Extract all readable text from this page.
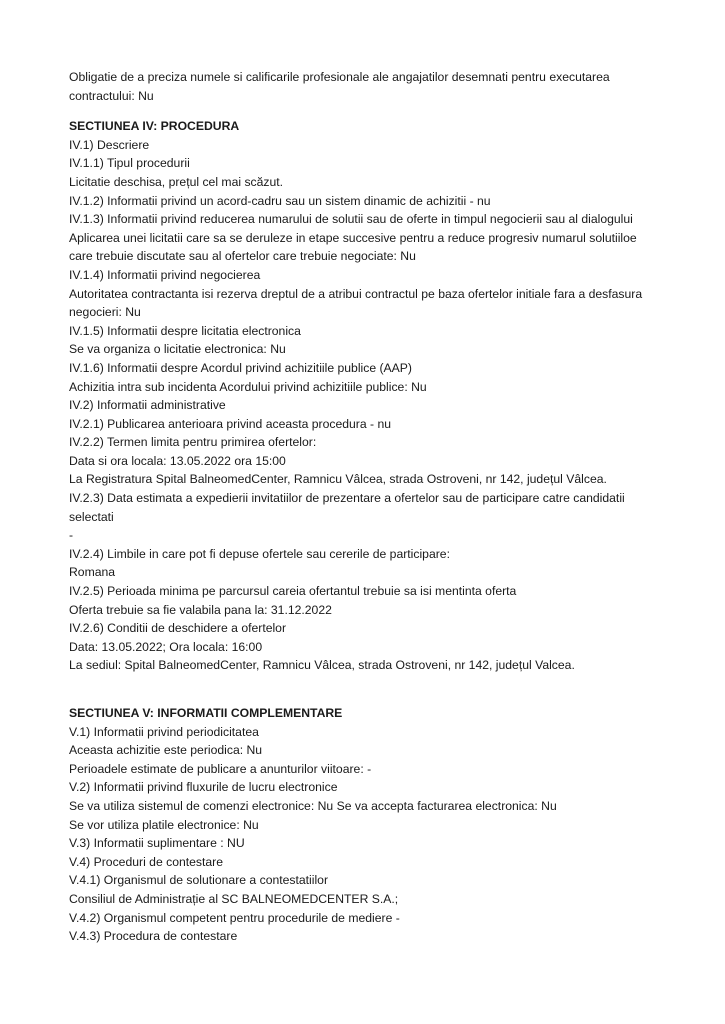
Obligatie de a preciza numele si calificarile profesionale ale angajatilor desemnati pentru executarea contractului: Nu
SECTIUNEA IV: PROCEDURA
IV.1) Descriere
IV.1.1) Tipul procedurii
Licitatie deschisa, prețul cel mai scăzut.
IV.1.2) Informatii privind un acord-cadru sau un sistem dinamic de achizitii - nu
IV.1.3) Informatii privind reducerea numarului de solutii sau de oferte in timpul negocierii sau al dialogului
Aplicarea unei licitatii care sa se deruleze in etape succesive pentru a reduce progresiv numarul solutiiloe care trebuie discutate sau al ofertelor care trebuie negociate: Nu
IV.1.4) Informatii privind negocierea
Autoritatea contractanta isi rezerva dreptul de a atribui contractul pe baza ofertelor initiale fara a desfasura negocieri: Nu
IV.1.5) Informatii despre licitatia electronica
Se va organiza o licitatie electronica: Nu
IV.1.6) Informatii despre Acordul privind achizitiile publice (AAP)
Achizitia intra sub incidenta Acordului privind achizitiile publice: Nu
IV.2) Informatii administrative
IV.2.1) Publicarea anterioara privind aceasta procedura - nu
IV.2.2) Termen limita pentru primirea ofertelor:
Data si ora locala: 13.05.2022 ora 15:00
La Registratura Spital BalneomedCenter, Ramnicu Vâlcea, strada Ostroveni, nr 142, județul Vâlcea.
IV.2.3) Data estimata a expedierii invitatiilor de prezentare a ofertelor sau de participare catre candidatii selectati
-
IV.2.4) Limbile in care pot fi depuse ofertele sau cererile de participare:
Romana
IV.2.5) Perioada minima pe parcursul careia ofertantul trebuie sa isi mentinta oferta
Oferta trebuie sa fie valabila pana la: 31.12.2022
IV.2.6) Conditii de deschidere a ofertelor
Data: 13.05.2022; Ora locala: 16:00
La sediul: Spital BalneomedCenter, Ramnicu Vâlcea, strada Ostroveni, nr 142, județul Valcea.
SECTIUNEA V: INFORMATII COMPLEMENTARE
V.1) Informatii privind periodicitatea
Aceasta achizitie este periodica: Nu
Perioadele estimate de publicare a anunturilor viitoare: -
V.2) Informatii privind fluxurile de lucru electronice
Se va utiliza sistemul de comenzi electronice: Nu Se va accepta facturarea electronica: Nu
Se vor utiliza platile electronice: Nu
V.3) Informatii suplimentare : NU
V.4) Proceduri de contestare
V.4.1) Organismul de solutionare a contestatiilor
Consiliul de Administrație al SC BALNEOMEDCENTER S.A.;
V.4.2) Organismul competent pentru procedurile de mediere -
V.4.3) Procedura de contestare
